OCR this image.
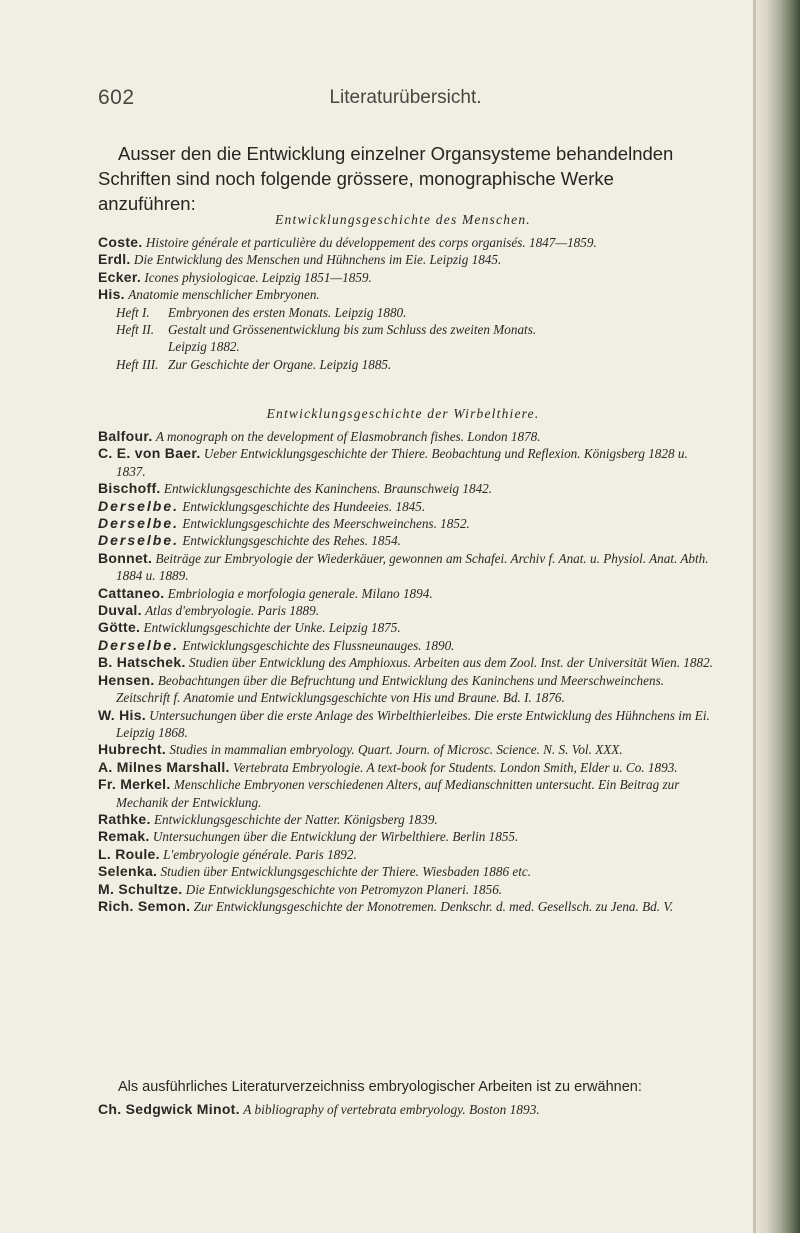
602	Literaturübersicht.

Ausser den die Entwicklung einzelner Organsysteme behandelnden Schriften sind noch folgende grössere, monographische Werke anzuführen:

Entwicklungsgeschichte des Menschen.

Coste. Histoire générale et particulière du développement des corps organisés. 1847—1859.

Erdl. Die Entwicklung des Menschen und Hühnchens im Eie. Leipzig 1845.

Ecker. Icones physiologicae. Leipzig 1851—1859.

His. Anatomie menschlicher Embryonen.

Heft I. Embryonen des ersten Monats. Leipzig 1880.

Heft II. Gestalt und Grössenentwicklung bis zum Schluss des zweiten Monats.
Leipzig 1882.

Heft III. Zur Geschichte der Organe. Leipzig 1885.

Entwicklungsgeschichte der Wirbelthiere.

Balfour. A monograph on the development of Elasmobranch fishes. London 1878.

C. E. von Baer. Ueber Entwicklungsgeschichte der Thiere. Beobachtung und Reflexion. Königsberg 1828 u. 1837.

Bischoff. Entwicklungsgeschichte des Kaninchens. Braunschweig 1842.

Derselbe. Entwicklungsgeschichte des Hundeeies. 1845.

Derselbe. Entwicklungsgeschichte des Meerschweinchens. 1852.

Derselbe. Entwicklungsgeschichte des Rehes. 1854.

Bonnet. Beiträge zur Embryologie der Wiederkäuer, gewonnen am Schafei. Archiv f. Anat. u. Physiol. Anat. Abth. 1884 u. 1889.

Cattaneo. Embriologia e morfologia generale. Milano 1894.

Duval. Atlas d'embryologie. Paris 1889.

Götte. Entwicklungsgeschichte der Unke. Leipzig 1875.

Derselbe. Entwicklungsgeschichte des Flussneunauges. 1890.

B. Hatschek. Studien über Entwicklung des Amphioxus. Arbeiten aus dem Zool. Inst. der Universität Wien. 1882.

Hensen. Beobachtungen über die Befruchtung und Entwicklung des Kaninchens und Meerschweinchens. Zeitschrift f. Anatomie und Entwicklungsgeschichte von His und Braune. Bd. I. 1876.

W. His. Untersuchungen über die erste Anlage des Wirbelthierleibes. Die erste Entwicklung des Hühnchens im Ei. Leipzig 1868.

Hubrecht. Studies in mammalian embryology. Quart. Journ. of Microsc. Science. N. S. Vol. XXX.

A. Milnes Marshall. Vertebrata Embryologie. A text-book for Students. London Smith, Elder u. Co. 1893.

Fr. Merkel. Menschliche Embryonen verschiedenen Alters, auf Medianschnitten untersucht. Ein Beitrag zur Mechanik der Entwicklung.

Rathke. Entwicklungsgeschichte der Natter. Königsberg 1839.

Remak. Untersuchungen über die Entwicklung der Wirbelthiere. Berlin 1855.

L. Roule. L'embryologie générale. Paris 1892.

Selenka. Studien über Entwicklungsgeschichte der Thiere. Wiesbaden 1886 etc.

M. Schultze. Die Entwicklungsgeschichte von Petromyzon Planeri. 1856.

Rich. Semon. Zur Entwicklungsgeschichte der Monotremen. Denkschr. d. med. Gesellsch. zu Jena. Bd. V.

Als ausführliches Literaturverzeichniss embryologischer Arbeiten ist zu erwähnen:

Ch. Sedgwick Minot. A bibliography of vertebrata embryology. Boston 1893.
